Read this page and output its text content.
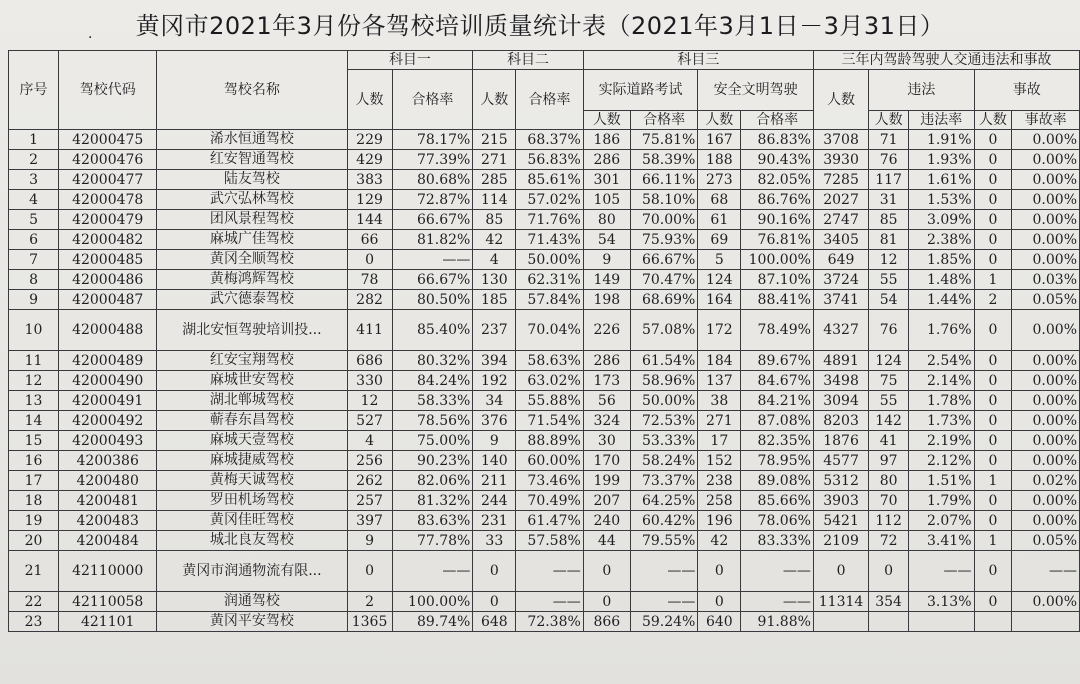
·	黄冈市2021年3月份各驾校培训质量统计表（2021年3月1日－3月31日）
序号	驾校代码	驾校名称	科目一		科目二		科目三				三年内驾龄驾驶人交通违法和事故				
			人数	合格率	人数	合格率	实际道路考试		安全文明驾驶		人数	违法		事故	
							人数	合格率	人数	合格率		人数	违法率	人数	事故率
1	42000475	浠水恒通驾校	229	78.17%	215	68.37%	186	75.81%	167	86.83%	3708	71	1.91%	0	0.00%
2	42000476	红安智通驾校	429	77.39%	271	56.83%	286	58.39%	188	90.43%	3930	76	1.93%	0	0.00%
3	42000477	陆友驾校	383	80.68%	285	85.61%	301	66.11%	273	82.05%	7285	117	1.61%	0	0.00%
4	42000478	武穴弘林驾校	129	72.87%	114	57.02%	105	58.10%	68	86.76%	2027	31	1.53%	0	0.00%
5	42000479	团风景程驾校	144	66.67%	85	71.76%	80	70.00%	61	90.16%	2747	85	3.09%	0	0.00%
6	42000482	麻城广佳驾校	66	81.82%	42	71.43%	54	75.93%	69	76.81%	3405	81	2.38%	0	0.00%
7	42000485	黄冈全顺驾校	0	——	4	50.00%	9	66.67%	5	100.00%	649	12	1.85%	0	0.00%
8	42000486	黄梅鸿辉驾校	78	66.67%	130	62.31%	149	70.47%	124	87.10%	3724	55	1.48%	1	0.03%
9	42000487	武穴德泰驾校	282	80.50%	185	57.84%	198	68.69%	164	88.41%	3741	54	1.44%	2	0.05%
10	42000488	湖北安恒驾驶培训投...	411	85.40%	237	70.04%	226	57.08%	172	78.49%	4327	76	1.76%	0	0.00%
11	42000489	红安宝翔驾校	686	80.32%	394	58.63%	286	61.54%	184	89.67%	4891	124	2.54%	0	0.00%
12	42000490	麻城世安驾校	330	84.24%	192	63.02%	173	58.96%	137	84.67%	3498	75	2.14%	0	0.00%
13	42000491	湖北郸城驾校	12	58.33%	34	55.88%	56	50.00%	38	84.21%	3094	55	1.78%	0	0.00%
14	42000492	蕲春东昌驾校	527	78.56%	376	71.54%	324	72.53%	271	87.08%	8203	142	1.73%	0	0.00%
15	42000493	麻城天壹驾校	4	75.00%	9	88.89%	30	53.33%	17	82.35%	1876	41	2.19%	0	0.00%
16	4200386	麻城捷威驾校	256	90.23%	140	60.00%	170	58.24%	152	78.95%	4577	97	2.12%	0	0.00%
17	4200480	黄梅天诚驾校	262	82.06%	211	73.46%	199	73.37%	238	89.08%	5312	80	1.51%	1	0.02%
18	4200481	罗田机场驾校	257	81.32%	244	70.49%	207	64.25%	258	85.66%	3903	70	1.79%	0	0.00%
19	4200483	黄冈佳旺驾校	397	83.63%	231	61.47%	240	60.42%	196	78.06%	5421	112	2.07%	0	0.00%
20	4200484	城北良友驾校	9	77.78%	33	57.58%	44	79.55%	42	83.33%	2109	72	3.41%	1	0.05%
21	42110000	黄冈市润通物流有限...	0	——	0	——	0	——	0	——	0	0	——	0	——
22	42110058	润通驾校	2	100.00%	0	——	0	——	0	——	11314	354	3.13%	0	0.00%
23	421101	黄冈平安驾校	1365	89.74%	648	72.38%	866	59.24%	640	91.88%					
